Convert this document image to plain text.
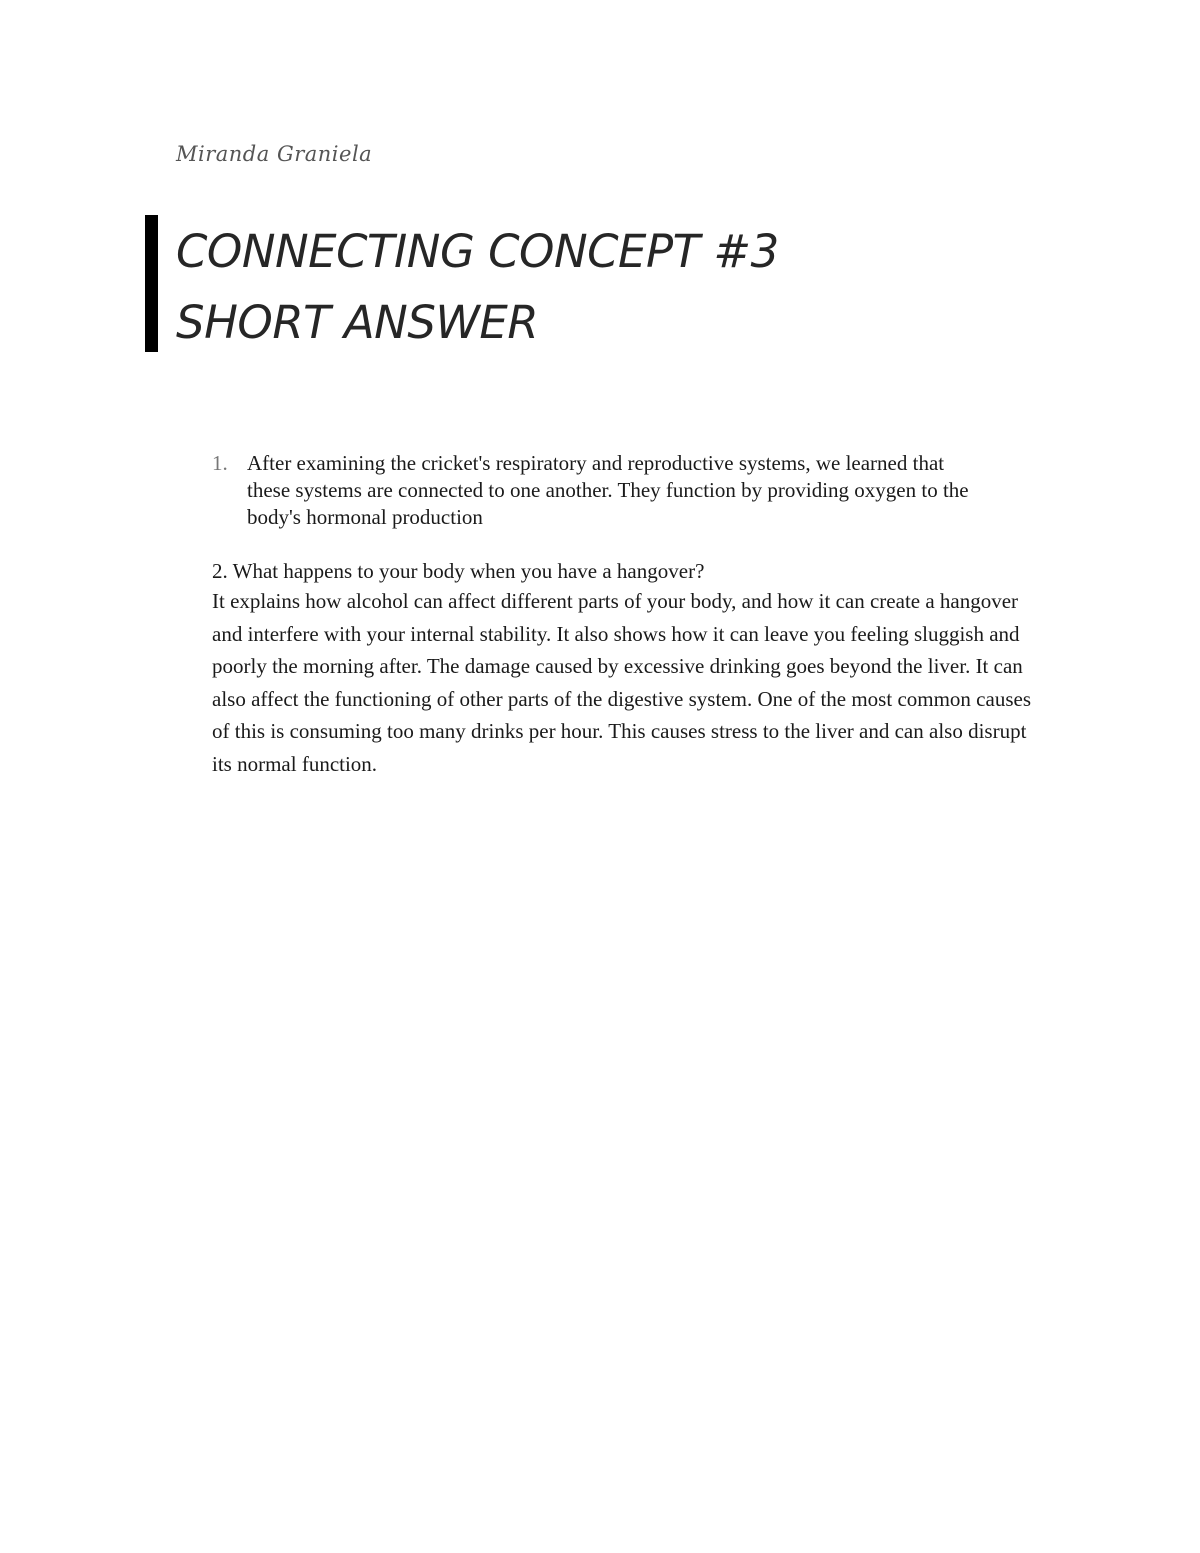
Miranda Graniela
CONNECTING CONCEPT #3
SHORT ANSWER
1. After examining the cricket's respiratory and reproductive systems, we learned that these systems are connected to one another. They function by providing oxygen to the body's hormonal production
2. What happens to your body when you have a hangover?
It explains how alcohol can affect different parts of your body, and how it can create a hangover and interfere with your internal stability. It also shows how it can leave you feeling sluggish and poorly the morning after. The damage caused by excessive drinking goes beyond the liver. It can also affect the functioning of other parts of the digestive system. One of the most common causes of this is consuming too many drinks per hour. This causes stress to the liver and can also disrupt its normal function.
